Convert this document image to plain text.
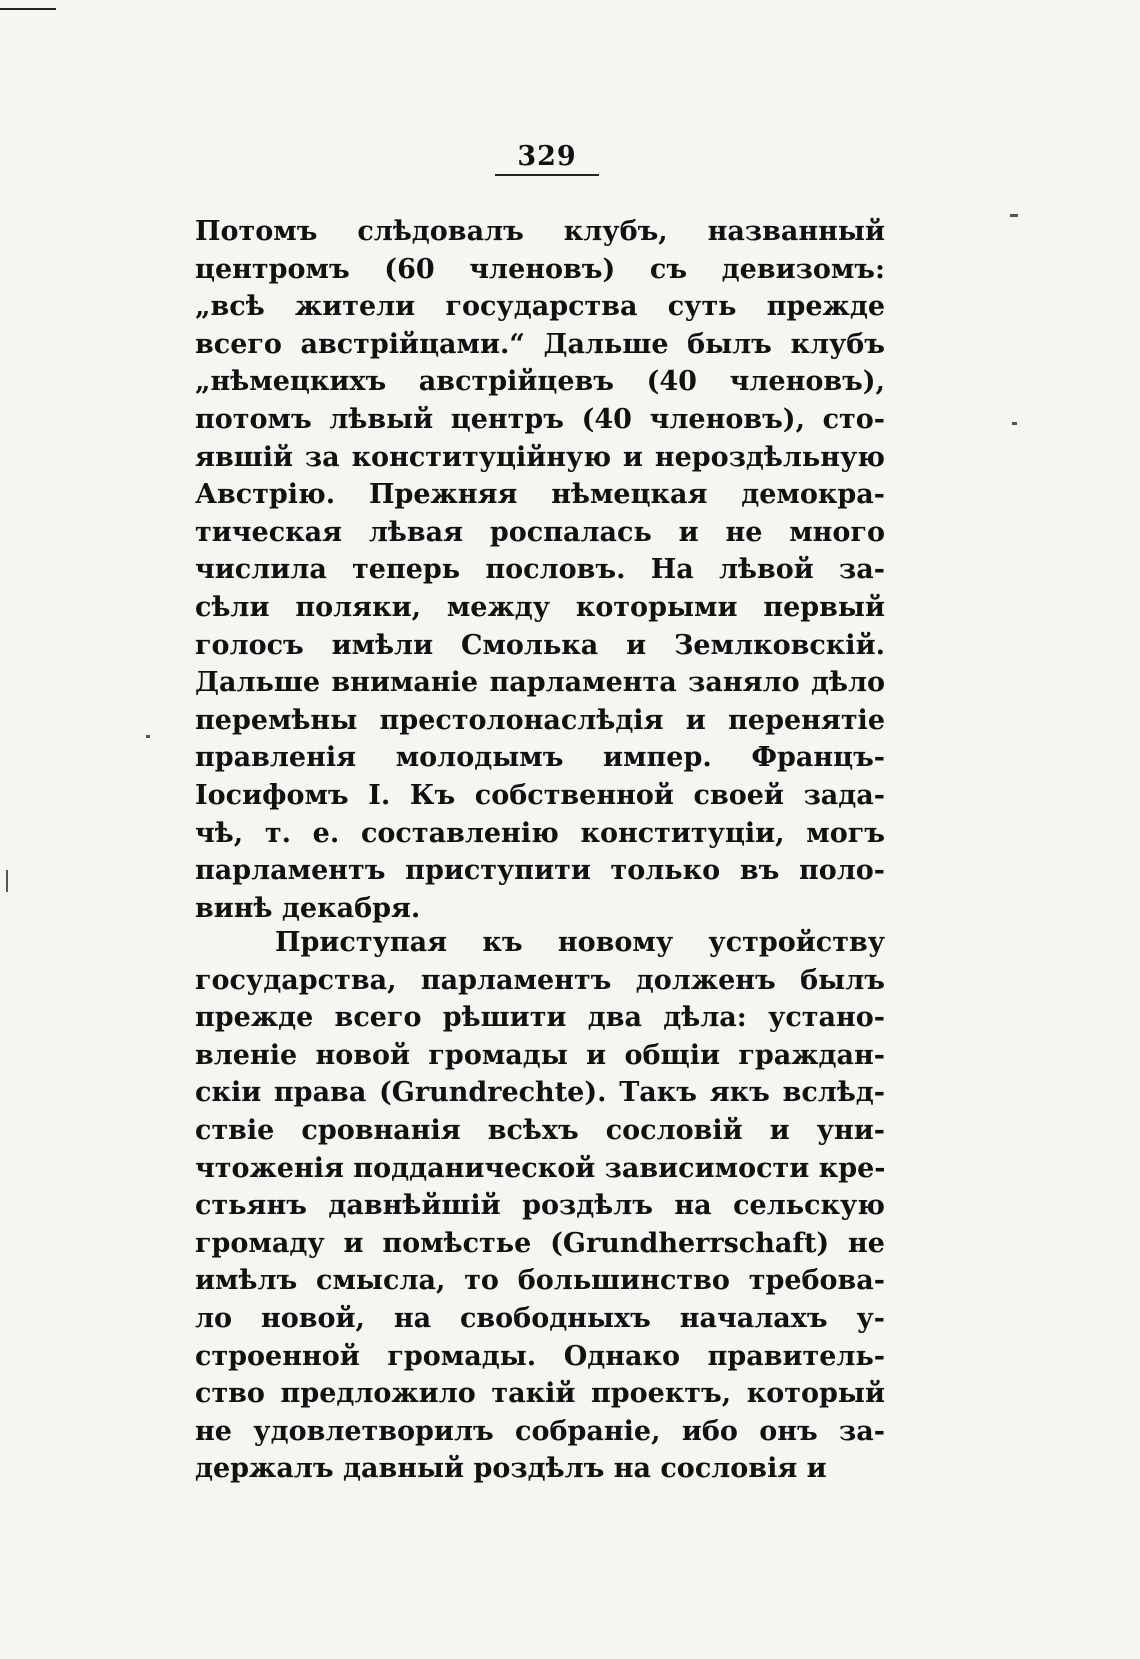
329
Потомъ слѣдовалъ клубъ, названный
центромъ (60 членовъ) съ девизомъ:
„всѣ жители государства суть прежде
всего австрійцами.“ Дальше былъ клубъ
„нѣмецкихъ австрійцевъ (40 членовъ),
потомъ лѣвый центръ (40 членовъ), сто-
явшій за конституційную и нероздѣльную
Австрію. Прежняя нѣмецкая демокра-
тическая лѣвая роспалась и не много
числила теперь пословъ. На лѣвой за-
сѣли поляки, между которыми первый
голосъ имѣли Смолька и Землковскій.
Дальше вниманіе парламента заняло дѣло
перемѣны престолонаслѣдія и перенятіе
правленія молодымъ импер. Францъ-
Іосифомъ I. Къ собственной своей зада-
чѣ, т. е. составленію конституціи, могъ
парламентъ приступити только въ поло-
винѣ декабря.
Приступая къ новому устройству
государства, парламентъ долженъ былъ
прежде всего рѣшити два дѣла: устано-
вленіе новой громады и общіи граждан-
скіи права (Grundrechte). Такъ якъ вслѣд-
ствіе сровнанія всѣхъ сословій и уни-
чтоженія подданической зависимости кре-
стьянъ давнѣйшій роздѣлъ на сельскую
громаду и помѣстье (Grundherrschaft) не
имѣлъ смысла, то большинство требова-
ло новой, на свободныхъ началахъ у-
строенной громады. Однако правитель-
ство предложило такій проектъ, который
не удовлетворилъ собраніе, ибо онъ за-
держалъ давный роздѣлъ на сословія и
